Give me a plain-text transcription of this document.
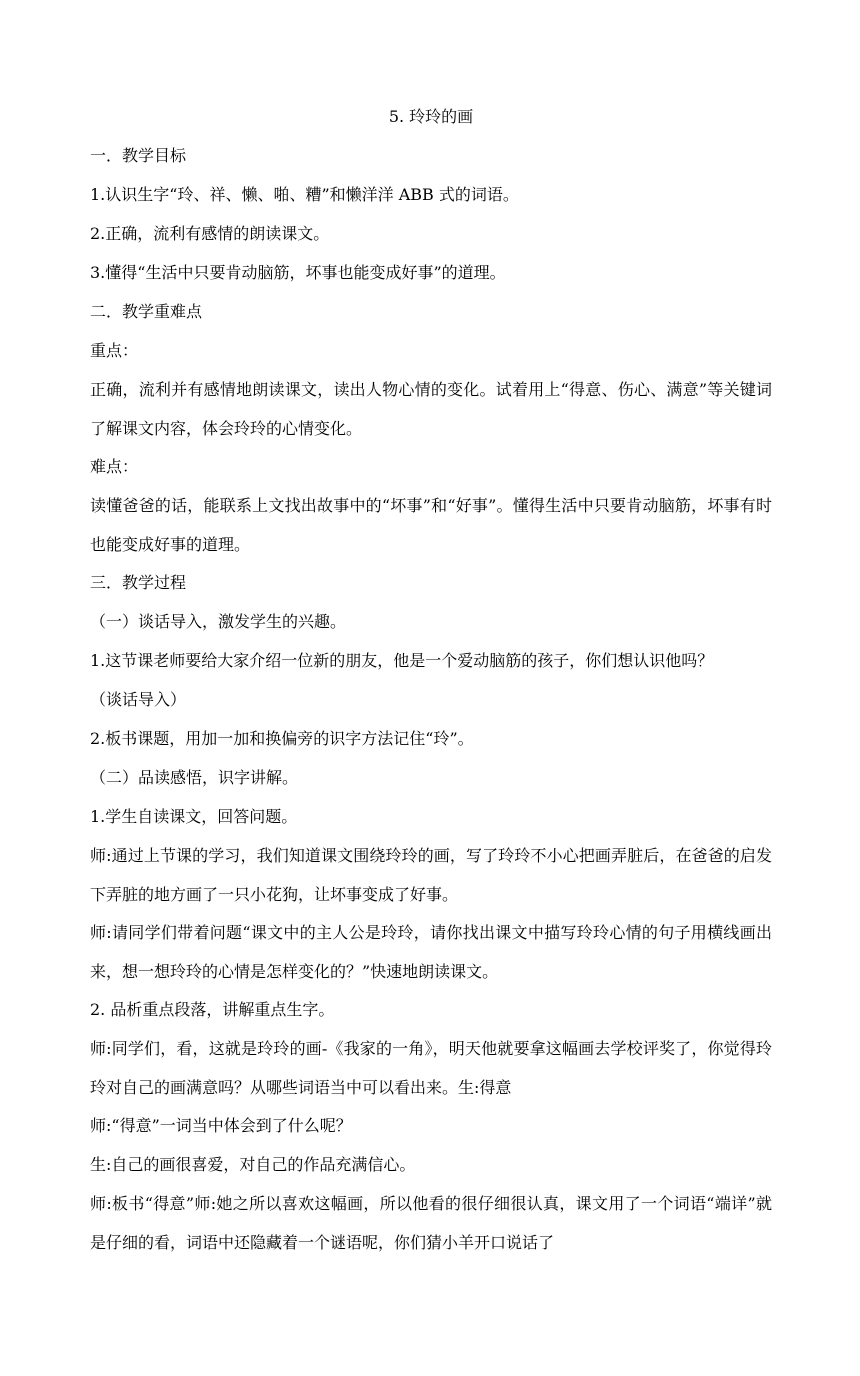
5. 玲玲的画
一．教学目标
1.认识生字“玲、祥、懒、啪、糟”和懒洋洋 ABB 式的词语。
2.正确，流利有感情的朗读课文。
3.懂得“生活中只要肯动脑筋，坏事也能变成好事”的道理。
二．教学重难点
重点：
正确，流利并有感情地朗读课文，读出人物心情的变化。试着用上“得意、伤心、满意”等关键词了解课文内容，体会玲玲的心情变化。
难点：
读懂爸爸的话，能联系上文找出故事中的“坏事”和“好事”。懂得生活中只要肯动脑筋，坏事有时也能变成好事的道理。
三．教学过程
（一）谈话导入，激发学生的兴趣。
1.这节课老师要给大家介绍一位新的朋友，他是一个爱动脑筋的孩子，你们想认识他吗？
（谈话导入）
2.板书课题，用加一加和换偏旁的识字方法记住“玲”。
（二）品读感悟，识字讲解。
1.学生自读课文，回答问题。
师:通过上节课的学习，我们知道课文围绕玲玲的画，写了玲玲不小心把画弄脏后，在爸爸的启发下弄脏的地方画了一只小花狗，让坏事变成了好事。
师:请同学们带着问题“课文中的主人公是玲玲，请你找出课文中描写玲玲心情的句子用横线画出来，想一想玲玲的心情是怎样变化的？”快速地朗读课文。
2. 品析重点段落，讲解重点生字。
师:同学们，看，这就是玲玲的画-《我家的一角》，明天他就要拿这幅画去学校评奖了，你觉得玲玲对自己的画满意吗？从哪些词语当中可以看出来。生:得意
师:“得意”一词当中体会到了什么呢？
生:自己的画很喜爱，对自己的作品充满信心。
师:板书“得意”师:她之所以喜欢这幅画，所以他看的很仔细很认真，课文用了一个词语“端详”就是仔细的看，词语中还隐藏着一个谜语呢，你们猜小羊开口说话了
